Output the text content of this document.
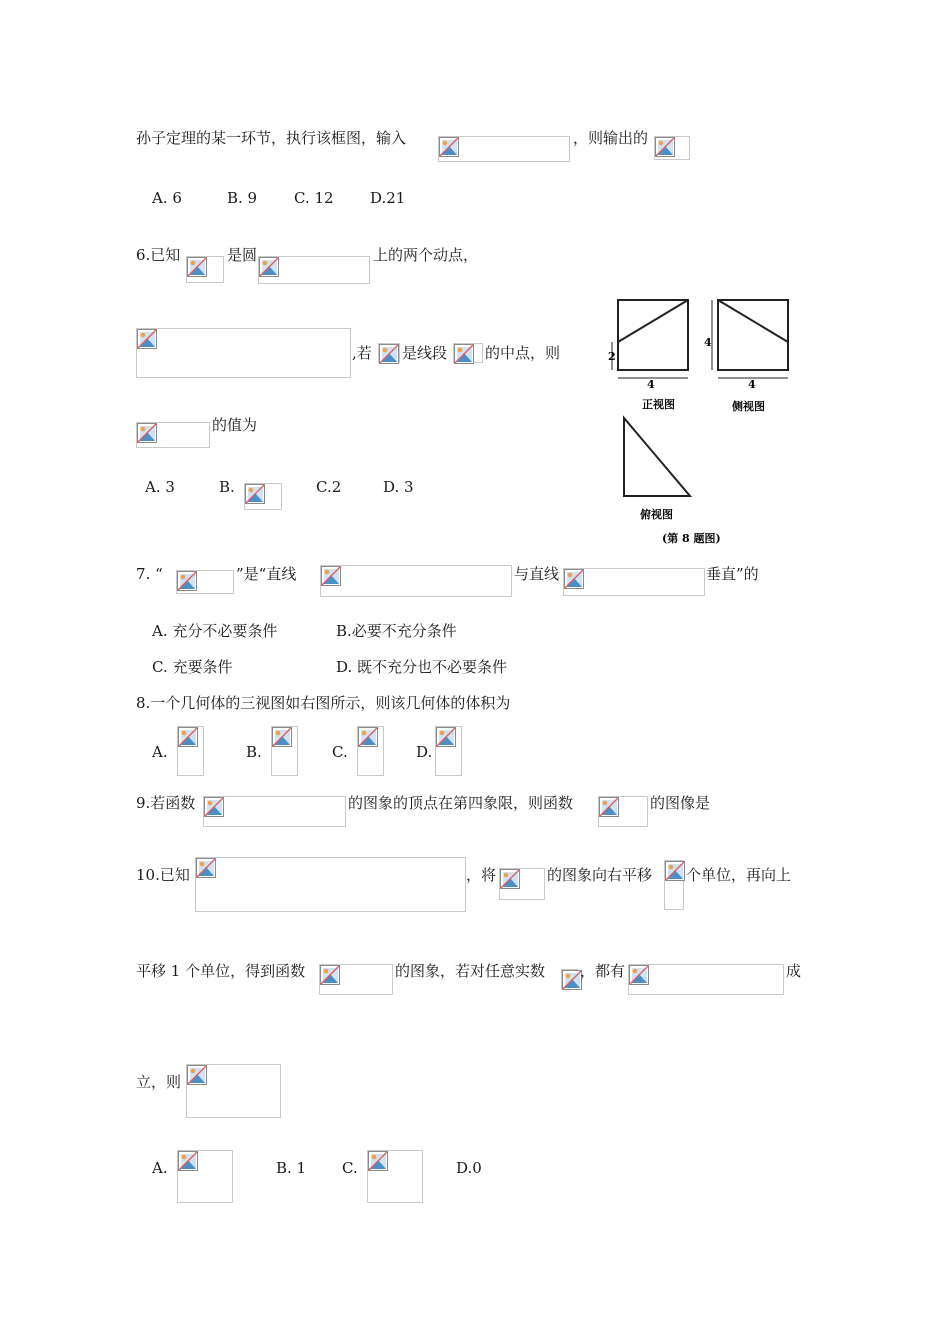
孙子定理的某一环节，执行该框图，输入	，则输出的
A. 6	B. 9 C. 12 D.21
6.已知	是圆	上的两个动点，
,若 是线段	的中点，则
的值为
A. 3	B.	C.2	D. 3
2
4
正视图
4
4
侧视图
俯视图
(第 8 题图)
7. “	”是“直线	与直线	垂直”的
A. 充分不必要条件	B.必要不充分条件
C. 充要条件	D. 既不充分也不必要条件
8.一个几何体的三视图如右图所示，则该几何体的体积为
A.	B.	C.	D.
9.若函数	的图象的顶点在第四象限，则函数	的图像是
10.已知	，将	的图象向右平移 个单位，再向上
平移 1 个单位，得到函数	的图象，若对任意实数 ，都有	成
立，则
A.	B. 1 C.	D.0
